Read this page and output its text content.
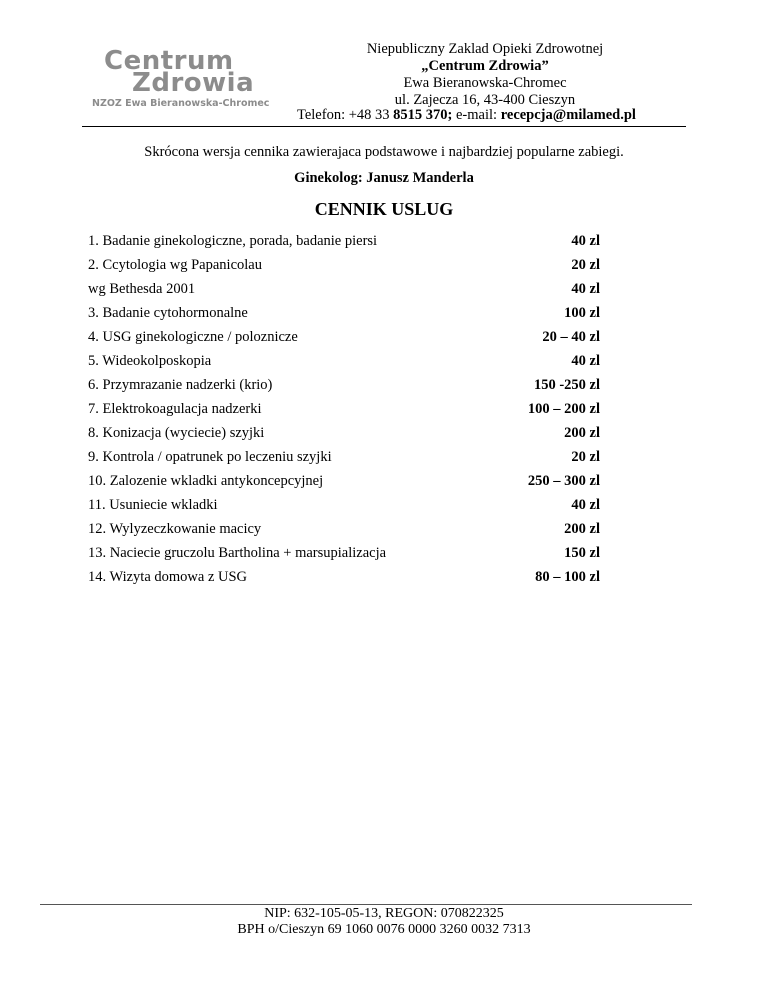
Centrum
Zdrowia
NZOZ Ewa Bieranowska-Chromec
Niepubliczny Zaklad Opieki Zdrowotnej
„Centrum Zdrowia”
Ewa Bieranowska-Chromec
ul. Zajecza 16, 43-400 Cieszyn
Telefon: +48 33 8515 370; e-mail: recepcja@milamed.pl
Skrócona wersja cennika zawierajaca podstawowe i najbardziej popularne zabiegi.
Ginekolog: Janusz Manderla
CENNIK USLUG
1. Badanie ginekologiczne, porada, badanie piersi	40 zl
2. Ccytologia wg Papanicolau	20 zl
wg Bethesda 2001	40 zl
3. Badanie cytohormonalne	100 zl
4. USG ginekologiczne / poloznicze	20 – 40 zl
5. Wideokolposkopia	40 zl
6. Przymrazanie nadzerki (krio)	150 -250 zl
7. Elektrokoagulacja nadzerki	100 – 200 zl
8. Konizacja (wyciecie) szyjki	200 zl
9. Kontrola / opatrunek po leczeniu szyjki	20 zl
10. Zalozenie wkladki antykoncepcyjnej	250 – 300 zl
11. Usuniecie wkladki	40 zl
12. Wylyzeczkowanie macicy	200 zl
13. Naciecie gruczolu Bartholina + marsupializacja	150 zl
14. Wizyta domowa z USG	80 – 100 zl
NIP: 632-105-05-13, REGON: 070822325
BPH o/Cieszyn 69 1060 0076 0000 3260 0032 7313
